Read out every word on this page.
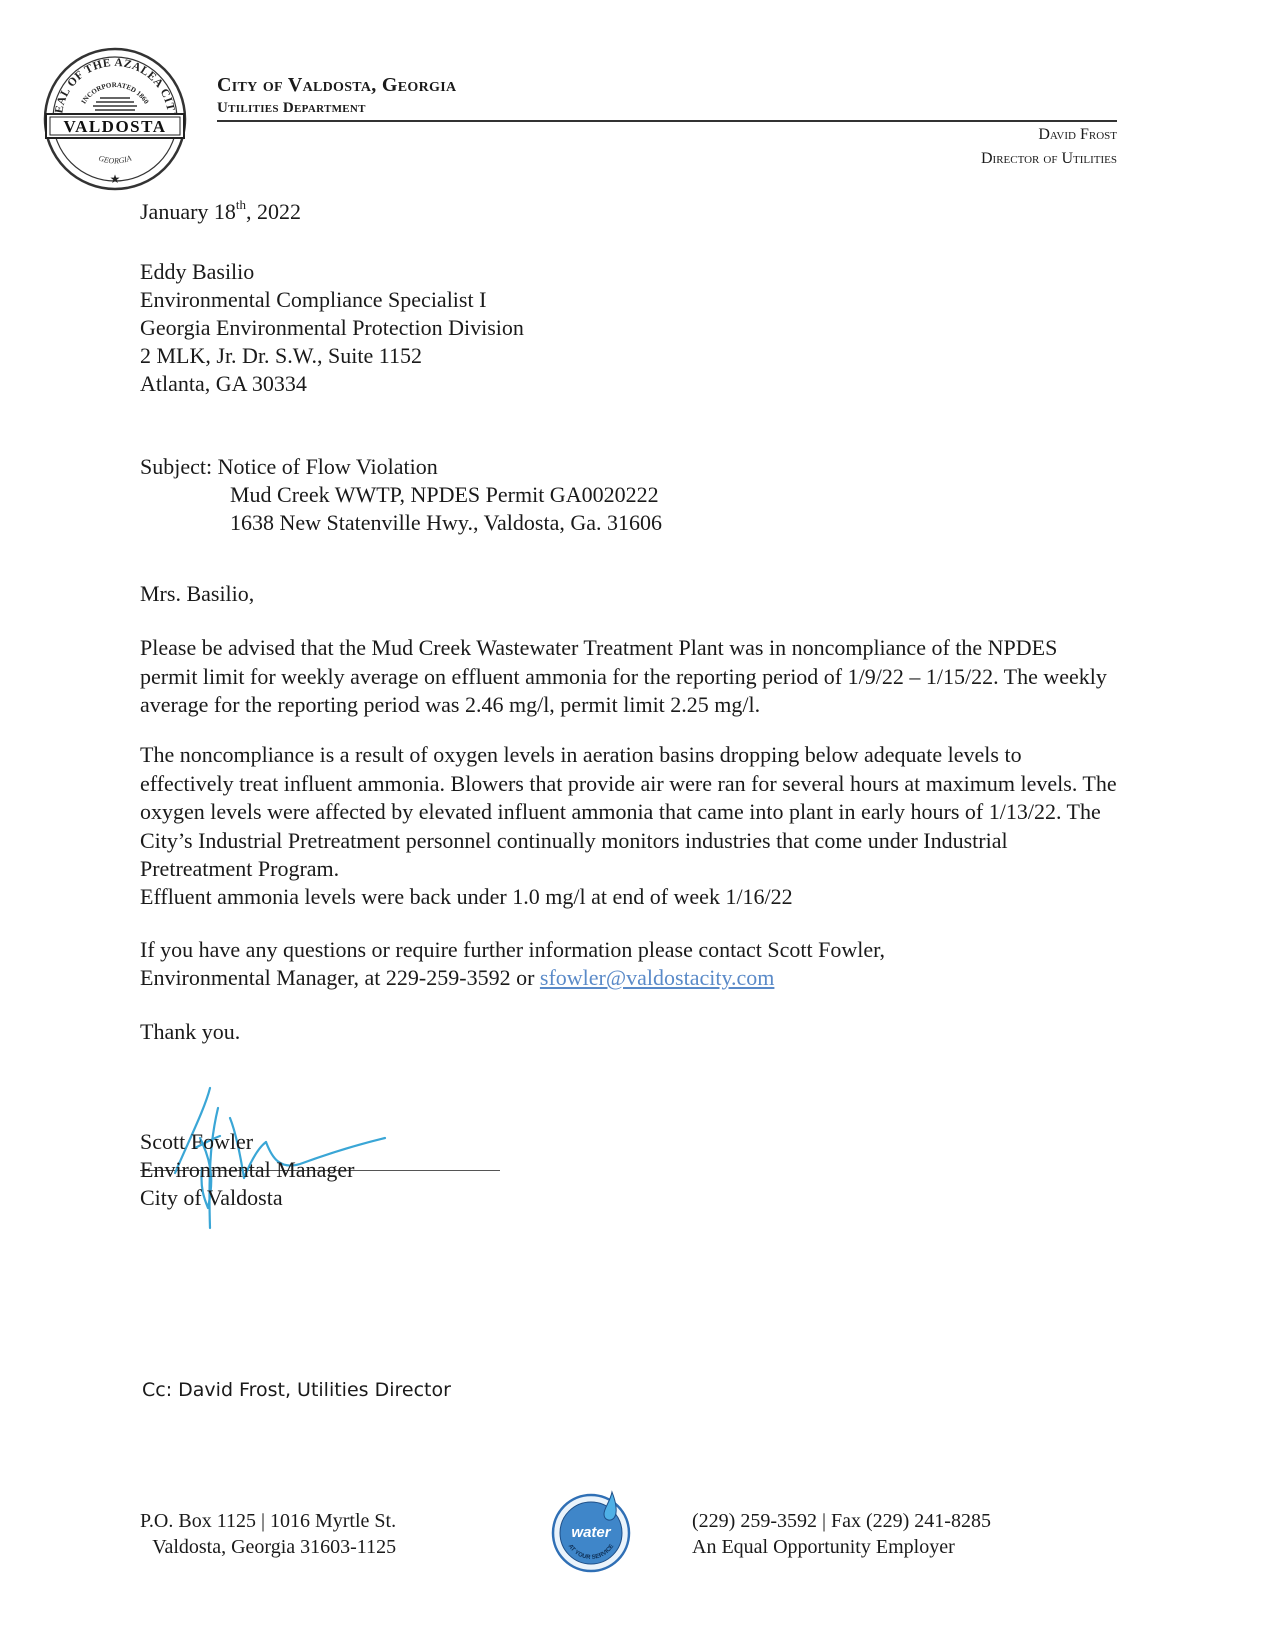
EAL OF THE AZALEA CIT
INCORPORATED 1860
VALDOSTA
GEORGIA
★
City of Valdosta, Georgia
Utilities Department
David Frost
Director of Utilities
January 18th, 2022
Eddy Basilio
Environmental Compliance Specialist I
Georgia Environmental Protection Division
2 MLK, Jr. Dr. S.W., Suite 1152
Atlanta, GA 30334
Subject: Notice of Flow Violation
Mud Creek WWTP, NPDES Permit GA0020222
1638 New Statenville Hwy., Valdosta, Ga. 31606
Mrs. Basilio,
Please be advised that the Mud Creek Wastewater Treatment Plant was in noncompliance of the NPDES permit limit for weekly average on effluent ammonia for the reporting period of 1/9/22 – 1/15/22. The weekly average for the reporting period was 2.46 mg/l, permit limit 2.25 mg/l.
The noncompliance is a result of oxygen levels in aeration basins dropping below adequate levels to effectively treat influent ammonia. Blowers that provide air were ran for several hours at maximum levels. The oxygen levels were affected by elevated influent ammonia that came into plant in early hours of 1/13/22. The City’s Industrial Pretreatment personnel continually monitors industries that come under Industrial Pretreatment Program.
Effluent ammonia levels were back under 1.0 mg/l at end of week 1/16/22
If you have any questions or require further information please contact Scott Fowler,
Environmental Manager, at 229-259-3592 or sfowler@valdostacity.com
Thank you.
Scott Fowler
Environmental Manager
City of Valdosta
Cc: David Frost, Utilities Director
P.O. Box 1125 | 1016 Myrtle St.
Valdosta, Georgia 31603-1125
water
AT YOUR SERVICE
(229) 259-3592 | Fax (229) 241-8285
An Equal Opportunity Employer
